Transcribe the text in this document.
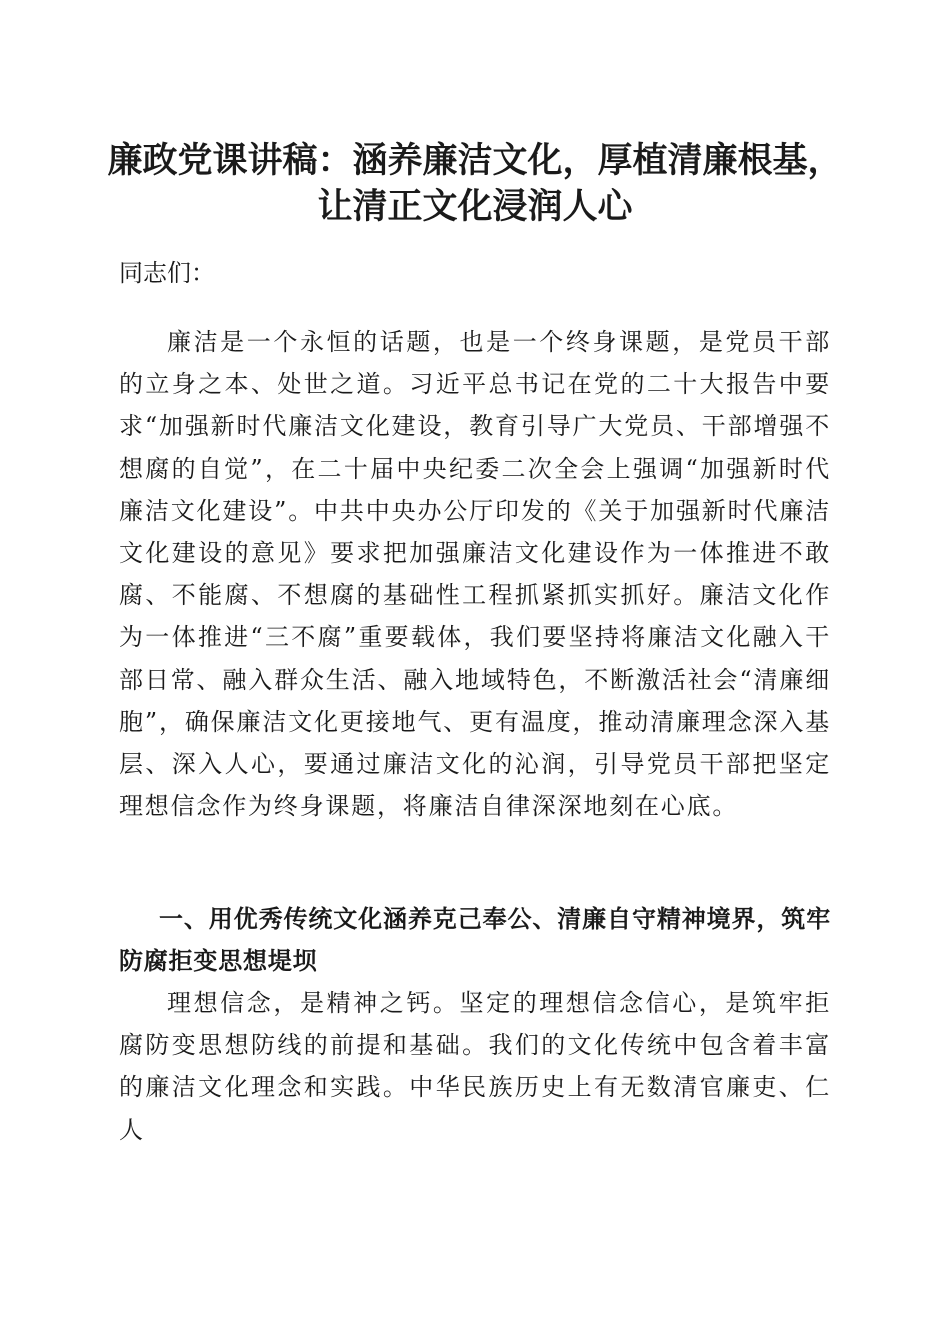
廉政党课讲稿：涵养廉洁文化，厚植清廉根基，
让清正文化浸润人心

同志们：

廉洁是一个永恒的话题，也是一个终身课题，是党员干部的立身之本、处世之道。习近平总书记在党的二十大报告中要求“加强新时代廉洁文化建设，教育引导广大党员、干部增强不想腐的自觉”，在二十届中央纪委二次全会上强调“加强新时代廉洁文化建设”。中共中央办公厅印发的《关于加强新时代廉洁文化建设的意见》要求把加强廉洁文化建设作为一体推进不敢腐、不能腐、不想腐的基础性工程抓紧抓实抓好。廉洁文化作为一体推进“三不腐”重要载体，我们要坚持将廉洁文化融入干部日常、融入群众生活、融入地域特色，不断激活社会“清廉细胞”，确保廉洁文化更接地气、更有温度，推动清廉理念深入基层、深入人心，要通过廉洁文化的沁润，引导党员干部把坚定理想信念作为终身课题，将廉洁自律深深地刻在心底。

一、用优秀传统文化涵养克己奉公、清廉自守精神境界，筑牢防腐拒变思想堤坝

理想信念，是精神之钙。坚定的理想信念信心，是筑牢拒腐防变思想防线的前提和基础。我们的文化传统中包含着丰富的廉洁文化理念和实践。中华民族历史上有无数清官廉吏、仁人
